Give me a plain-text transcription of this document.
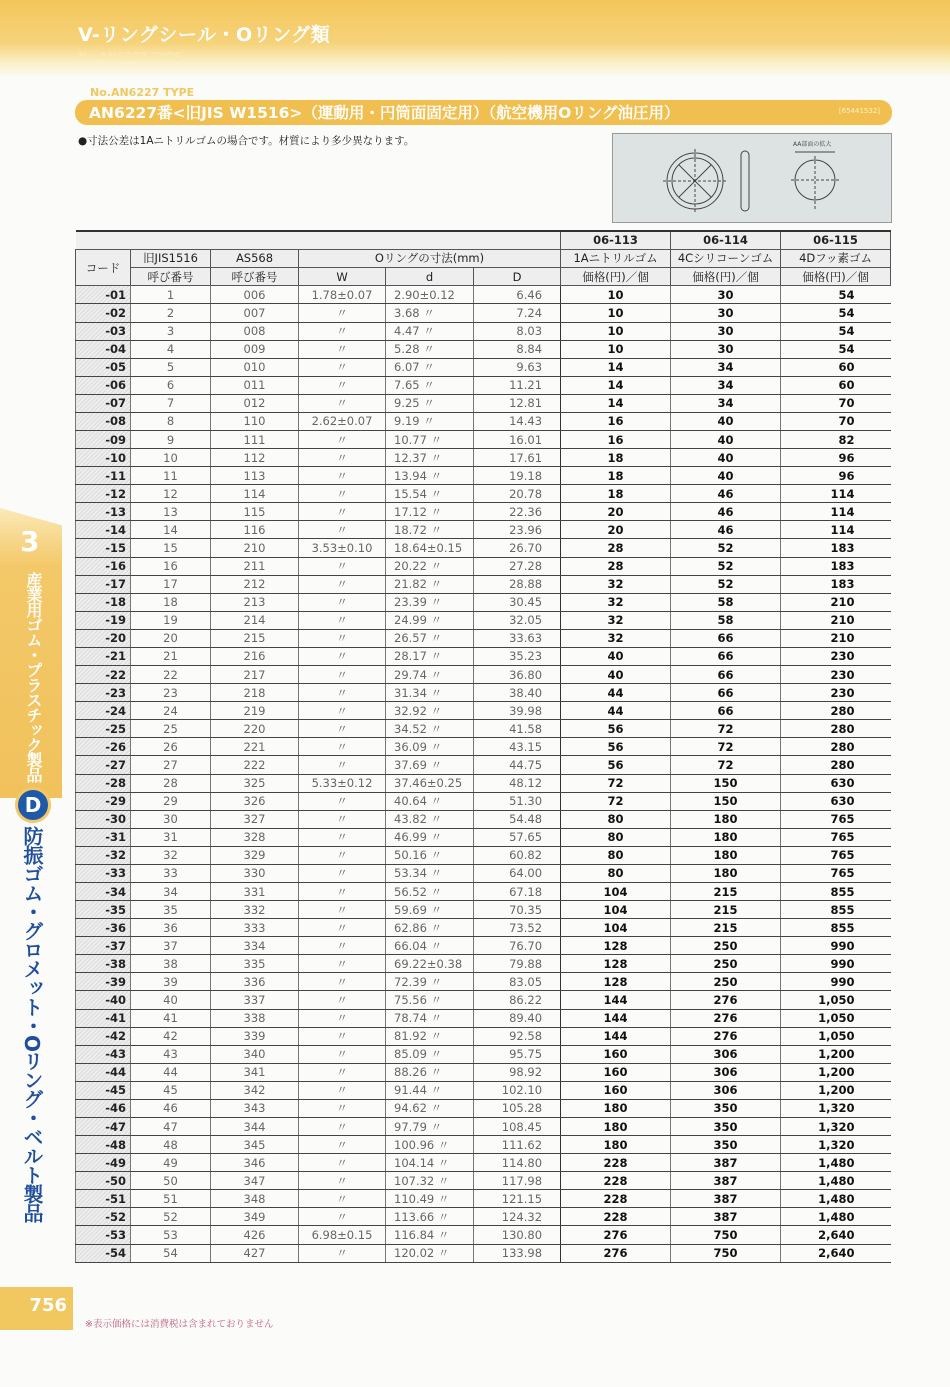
V-リングシール・Oリング類
No.AN6227 TYPE
No.AN6227 TYPE
AN6227番<旧JIS W1516>（運動用・円筒面固定用）（航空機用Oリング油圧用）	[65441532]
●寸法公差は1Aニトリルゴムの場合です。材質により多少異なります。	AA部面の拡大
						06-113	06-114	06-115
コード	旧JIS1516	AS568	Oリングの寸法(mm)			1Aニトリルゴム	4Cシリコーンゴム	4Dフッ素ゴム
	呼び番号	呼び番号	W	d	D	価格(円)／個	価格(円)／個	価格(円)／個
-01	1	006	1.78±0.07	2.90±0.12	6.46	10	30	54
-02	2	007	〃	3.68 〃	7.24	10	30	54
-03	3	008	〃	4.47 〃	8.03	10	30	54
-04	4	009	〃	5.28 〃	8.84	10	30	54
-05	5	010	〃	6.07 〃	9.63	14	34	60
-06	6	011	〃	7.65 〃	11.21	14	34	60
-07	7	012	〃	9.25 〃	12.81	14	34	70
-08	8	110	2.62±0.07	9.19 〃	14.43	16	40	70
-09	9	111	〃	10.77 〃	16.01	16	40	82
-10	10	112	〃	12.37 〃	17.61	18	40	96
-11	11	113	〃	13.94 〃	19.18	18	40	96
-12	12	114	〃	15.54 〃	20.78	18	46	114
-13	13	115	〃	17.12 〃	22.36	20	46	114
-14	14	116	〃	18.72 〃	23.96	20	46	114
-15	15	210	3.53±0.10	18.64±0.15	26.70	28	52	183
-16	16	211	〃	20.22 〃	27.28	28	52	183
-17	17	212	〃	21.82 〃	28.88	32	52	183
-18	18	213	〃	23.39 〃	30.45	32	58	210
-19	19	214	〃	24.99 〃	32.05	32	58	210
-20	20	215	〃	26.57 〃	33.63	32	66	210
-21	21	216	〃	28.17 〃	35.23	40	66	230
-22	22	217	〃	29.74 〃	36.80	40	66	230
-23	23	218	〃	31.34 〃	38.40	44	66	230
-24	24	219	〃	32.92 〃	39.98	44	66	280
-25	25	220	〃	34.52 〃	41.58	56	72	280
-26	26	221	〃	36.09 〃	43.15	56	72	280
-27	27	222	〃	37.69 〃	44.75	56	72	280
-28	28	325	5.33±0.12	37.46±0.25	48.12	72	150	630
-29	29	326	〃	40.64 〃	51.30	72	150	630
-30	30	327	〃	43.82 〃	54.48	80	180	765
-31	31	328	〃	46.99 〃	57.65	80	180	765
-32	32	329	〃	50.16 〃	60.82	80	180	765
-33	33	330	〃	53.34 〃	64.00	80	180	765
-34	34	331	〃	56.52 〃	67.18	104	215	855
-35	35	332	〃	59.69 〃	70.35	104	215	855
-36	36	333	〃	62.86 〃	73.52	104	215	855
-37	37	334	〃	66.04 〃	76.70	128	250	990
-38	38	335	〃	69.22±0.38	79.88	128	250	990
-39	39	336	〃	72.39 〃	83.05	128	250	990
-40	40	337	〃	75.56 〃	86.22	144	276	1,050
-41	41	338	〃	78.74 〃	89.40	144	276	1,050
-42	42	339	〃	81.92 〃	92.58	144	276	1,050
-43	43	340	〃	85.09 〃	95.75	160	306	1,200
-44	44	341	〃	88.26 〃	98.92	160	306	1,200
-45	45	342	〃	91.44 〃	102.10	160	306	1,200
-46	46	343	〃	94.62 〃	105.28	180	350	1,320
-47	47	344	〃	97.79 〃	108.45	180	350	1,320
-48	48	345	〃	100.96 〃	111.62	180	350	1,320
-49	49	346	〃	104.14 〃	114.80	228	387	1,480
-50	50	347	〃	107.32 〃	117.98	228	387	1,480
-51	51	348	〃	110.49 〃	121.15	228	387	1,480
-52	52	349	〃	113.66 〃	124.32	228	387	1,480
-53	53	426	6.98±0.15	116.84 〃	130.80	276	750	2,640
-54	54	427	〃	120.02 〃	133.98	276	750	2,640
3
産業用ゴム・プラスチック製品
D
防振ゴム・グロメット・Oリング・ベルト製品
756
※表示価格には消費税は含まれておりません
